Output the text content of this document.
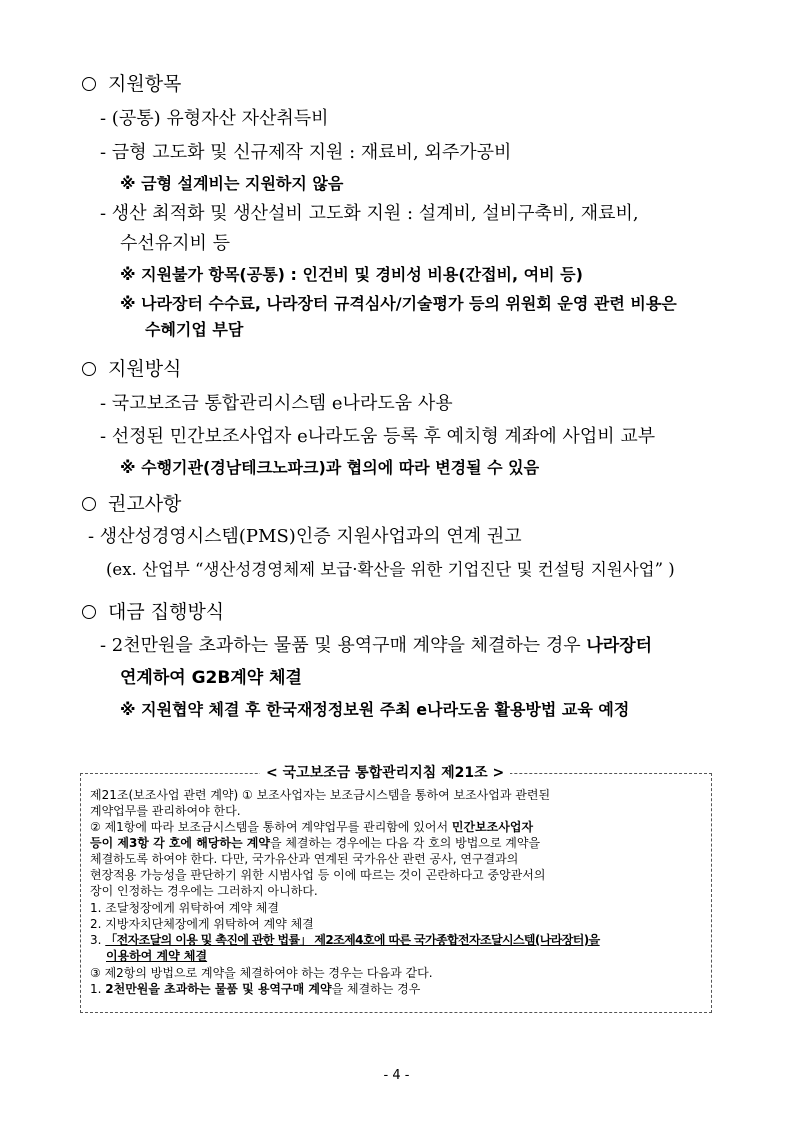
지원항목
- (공통) 유형자산 자산취득비
- 금형 고도화 및 신규제작 지원 : 재료비, 외주가공비
※ 금형 설계비는 지원하지 않음
- 생산 최적화 및 생산설비 고도화 지원 : 설계비, 설비구축비, 재료비,
수선유지비 등
※ 지원불가 항목(공통) : 인건비 및 경비성 비용(간접비, 여비 등)
※ 나라장터 수수료, 나라장터 규격심사/기술평가 등의 위원회 운영 관련 비용은
수혜기업 부담
지원방식
- 국고보조금 통합관리시스템 e나라도움 사용
- 선정된 민간보조사업자 e나라도움 등록 후 예치형 계좌에 사업비 교부
※ 수행기관(경남테크노파크)과 협의에 따라 변경될 수 있음
권고사항
- 생산성경영시스템(PMS)인증 지원사업과의 연계 권고
(ex. 산업부 “생산성경영체제 보급·확산을 위한 기업진단 및 컨설팅 지원사업” )
대금 집행방식
- 2천만원을 초과하는 물품 및 용역구매 계약을 체결하는 경우 나라장터
연계하여 G2B계약 체결
※ 지원협약 체결 후 한국재정정보원 주최 e나라도움 활용방법 교육 예정
< 국고보조금 통합관리지침 제21조 >
제21조(보조사업 관련 계약) ① 보조사업자는 보조금시스템을 통하여 보조사업과 관련된
계약업무를 관리하여야 한다.
② 제1항에 따라 보조금시스템을 통하여 계약업무를 관리함에 있어서 민간보조사업자
등이 제3항 각 호에 해당하는 계약을 체결하는 경우에는 다음 각 호의 방법으로 계약을
체결하도록 하여야 한다. 다만, 국가유산과 연계된 국가유산 관련 공사, 연구결과의
현장적용 가능성을 판단하기 위한 시범사업 등 이에 따르는 것이 곤란하다고 중앙관서의
장이 인정하는 경우에는 그러하지 아니하다.
1. 조달청장에게 위탁하여 계약 체결
2. 지방자치단체장에게 위탁하여 계약 체결
3. 「전자조달의 이용 및 촉진에 관한 법률」 제2조제4호에 따른 국가종합전자조달시스템(나라장터)을
이용하여 계약 체결
③ 제2항의 방법으로 계약을 체결하여야 하는 경우는 다음과 같다.
1. 2천만원을 초과하는 물품 및 용역구매 계약을 체결하는 경우
- 4 -
